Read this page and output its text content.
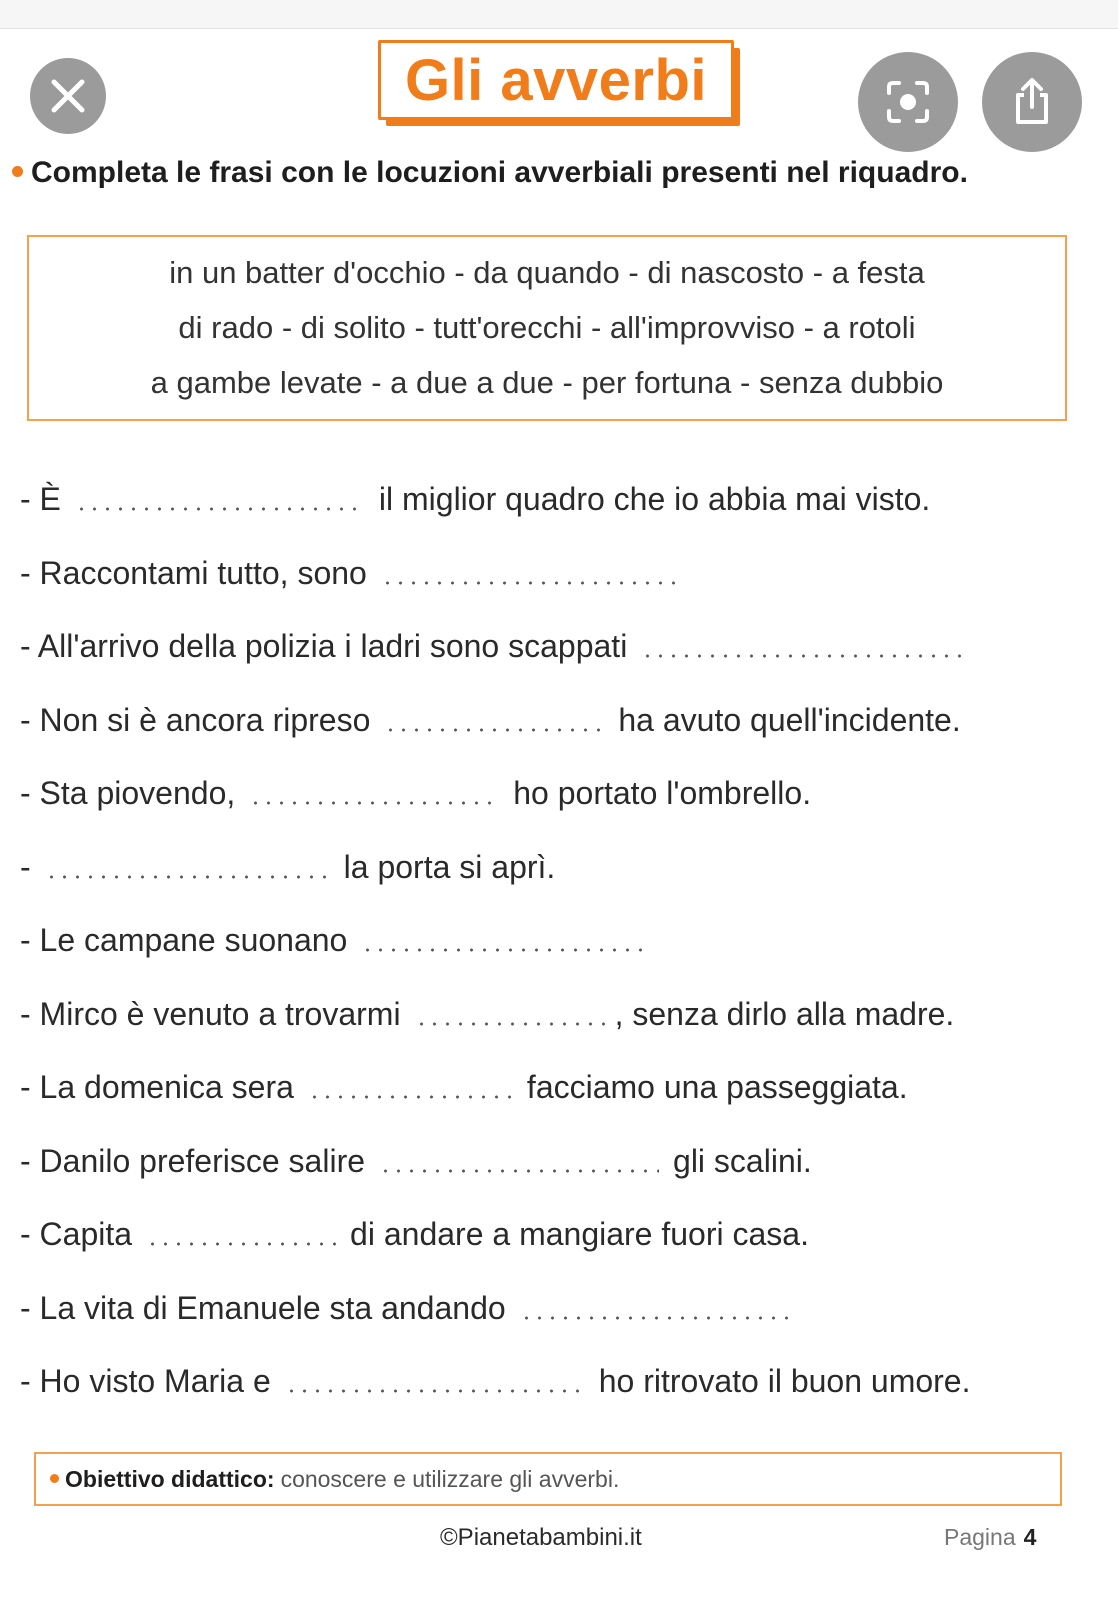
Gli avverbi
Completa le frasi con le locuzioni avverbiali presenti nel riquadro.
in un batter d'occhio - da quando - di nascosto - a festa
di rado - di solito - tutt'orecchi - all'improvviso - a rotoli
a gambe levate - a due a due - per fortuna - senza dubbio
- È	il miglior quadro che io abbia mai visto.
- Raccontami tutto, sono
- All'arrivo della polizia i ladri sono scappati
- Non si è ancora ripreso	ha avuto quell'incidente.
- Sta piovendo,	ho portato l'ombrello.
-	la porta si aprì.
- Le campane suonano
- Mirco è venuto a trovarmi	, senza dirlo alla madre.
- La domenica sera	facciamo una passeggiata.
- Danilo preferisce salire	gli scalini.
- Capita	di andare a mangiare fuori casa.
- La vita di Emanuele sta andando
- Ho visto Maria e	ho ritrovato il buon umore.
Obiettivo didattico: conoscere e utilizzare gli avverbi.
©Pianetabambini.it	Pagina 4
